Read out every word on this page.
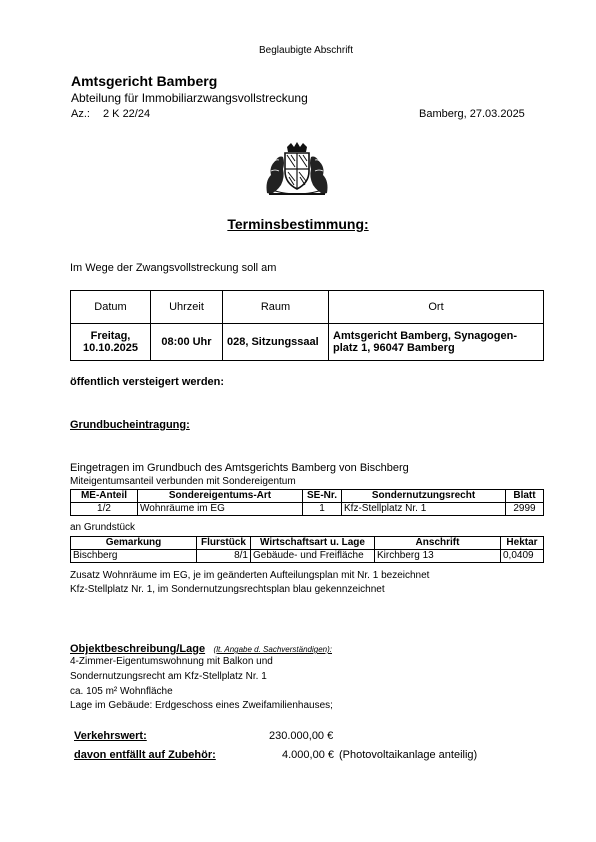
Beglaubigte Abschrift
Amtsgericht Bamberg
Abteilung für Immobiliarzwangsvollstreckung
Az.: 2 K 22/24	Bamberg, 27.03.2025
Terminsbestimmung:
Im Wege der Zwangsvollstreckung soll am
Datum	Uhrzeit	Raum	Ort
Freitag,
10.10.2025	08:00 Uhr	028, Sitzungssaal	Amtsgericht Bamberg, Synagogen-
platz 1, 96047 Bamberg
öffentlich versteigert werden:
Grundbucheintragung:
Eingetragen im Grundbuch des Amtsgerichts Bamberg von Bischberg
Miteigentumsanteil verbunden mit Sondereigentum
ME-Anteil	Sondereigentums-Art	SE-Nr.	Sondernutzungsrecht	Blatt
1/2	Wohnräume im EG	1	Kfz-Stellplatz Nr. 1	2999
an Grundstück
Gemarkung	Flurstück	Wirtschaftsart u. Lage	Anschrift	Hektar
Bischberg	8/1	Gebäude- und Freifläche	Kirchberg 13	0,0409
Zusatz Wohnräume im EG, je im geänderten Aufteilungsplan mit Nr. 1 bezeichnet
Kfz-Stellplatz Nr. 1, im Sondernutzungsrechtsplan blau gekennzeichnet
Objektbeschreibung/Lage (lt. Angabe d. Sachverständigen):
4-Zimmer-Eigentumswohnung mit Balkon und
Sondernutzungsrecht am Kfz-Stellplatz Nr. 1
ca. 105 m² Wohnfläche
Lage im Gebäude: Erdgeschoss eines Zweifamilienhauses;
Verkehrswert:	230.000,00 €
davon entfällt auf Zubehör:	4.000,00 € (Photovoltaikanlage anteilig)
